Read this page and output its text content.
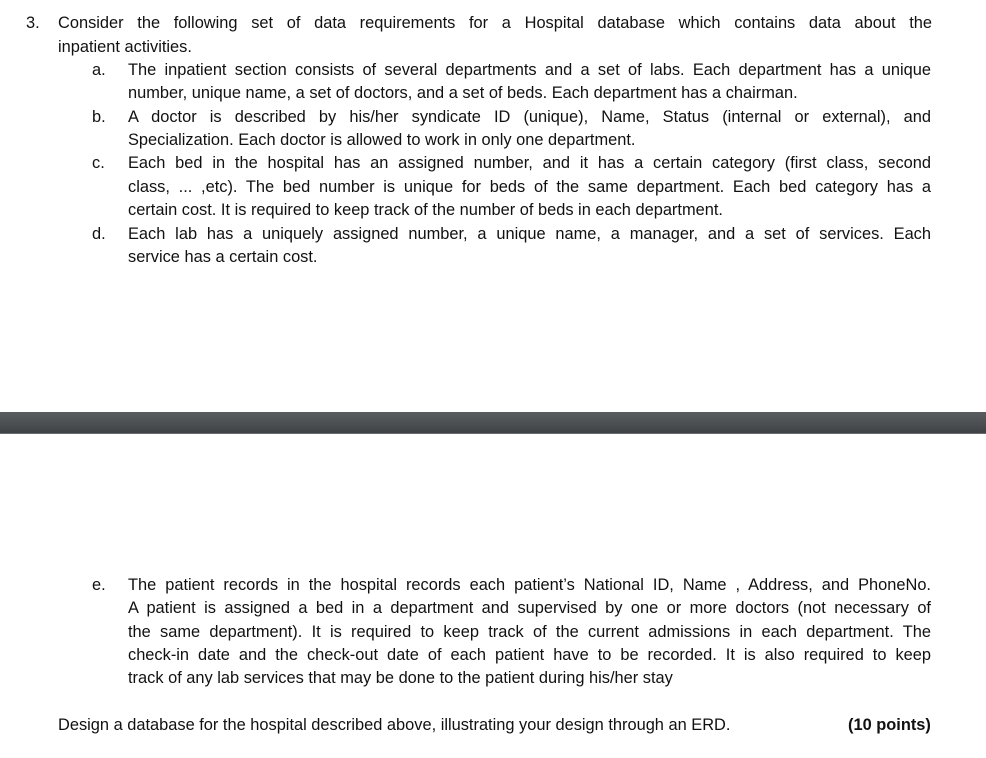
3. Consider the following set of data requirements for a Hospital database which contains data about the
inpatient activities.
a. The inpatient section consists of several departments and a set of labs. Each department has a unique
number, unique name, a set of doctors, and a set of beds. Each department has a chairman.
b. A doctor is described by his/her syndicate ID (unique), Name, Status (internal or external), and
Specialization. Each doctor is allowed to work in only one department.
c. Each bed in the hospital has an assigned number, and it has a certain category (first class, second
class, ... ,etc). The bed number is unique for beds of the same department. Each bed category has a
certain cost. It is required to keep track of the number of beds in each department.
d. Each lab has a uniquely assigned number, a unique name, a manager, and a set of services. Each
service has a certain cost.
e. The patient records in the hospital records each patient’s National ID, Name , Address, and PhoneNo.
A patient is assigned a bed in a department and supervised by one or more doctors (not necessary of
the same department). It is required to keep track of the current admissions in each department. The
check-in date and the check-out date of each patient have to be recorded. It is also required to keep
track of any lab services that may be done to the patient during his/her stay
Design a database for the hospital described above, illustrating your design through an ERD.	(10 points)
